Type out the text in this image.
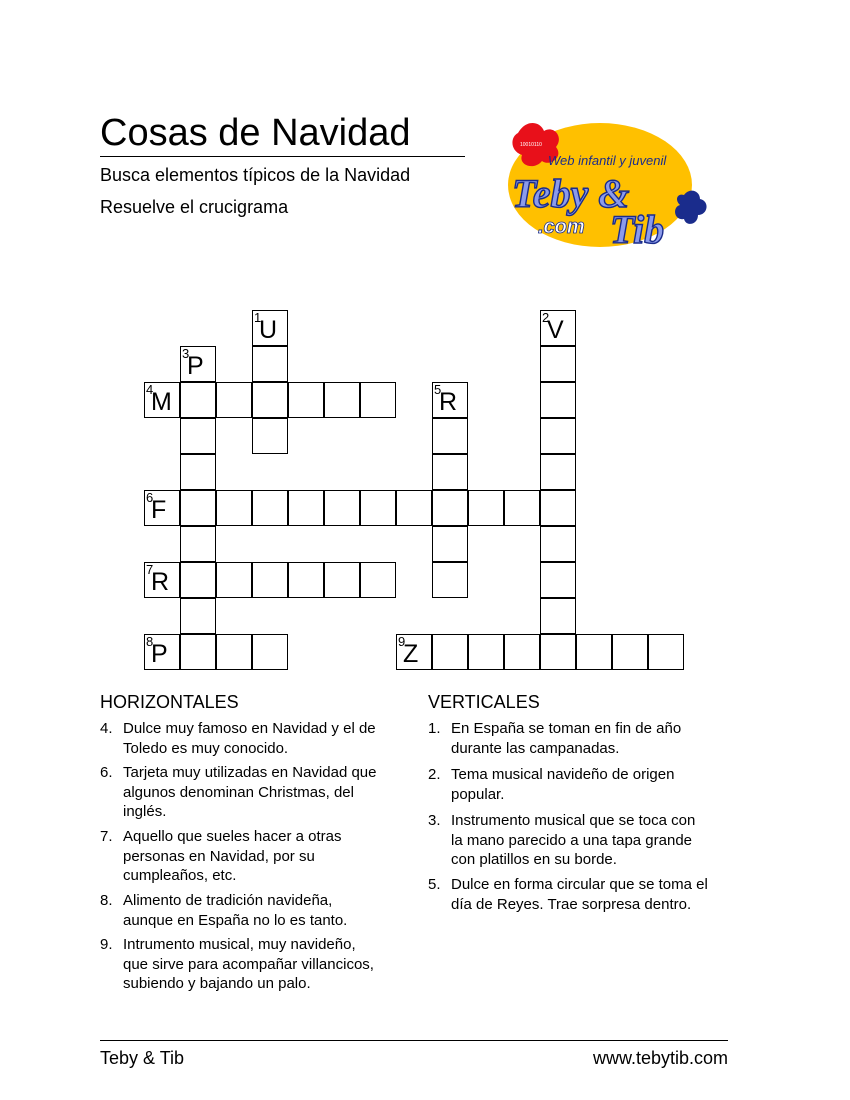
Cosas de Navidad
Busca elementos típicos de la Navidad
Resuelve el crucigrama
10010110
Web infantil y juvenil
Teby &
Tib
.com
1
U	2
V
3
P
4
M	5
R
6
F
7
R
8
P	9
Z
HORIZONTALES	VERTICALES
4. Dulce muy famoso en Navidad y el de Toledo es muy conocido.
6. Tarjeta muy utilizadas en Navidad que algunos denominan Christmas, del inglés.
7. Aquello que sueles hacer a otras personas en Navidad, por su cumpleaños, etc.
8. Alimento de tradición navideña, aunque en España no lo es tanto.
9. Intrumento musical, muy navideño, que sirve para acompañar villancicos, subiendo y bajando un palo.
1. En España se toman en fin de año durante las campanadas.
2. Tema musical navideño de origen popular.
3. Instrumento musical que se toca con la mano parecido a una tapa grande con platillos en su borde.
5. Dulce en forma circular que se toma el día de Reyes. Trae sorpresa dentro.
Teby & Tib	www.tebytib.com
